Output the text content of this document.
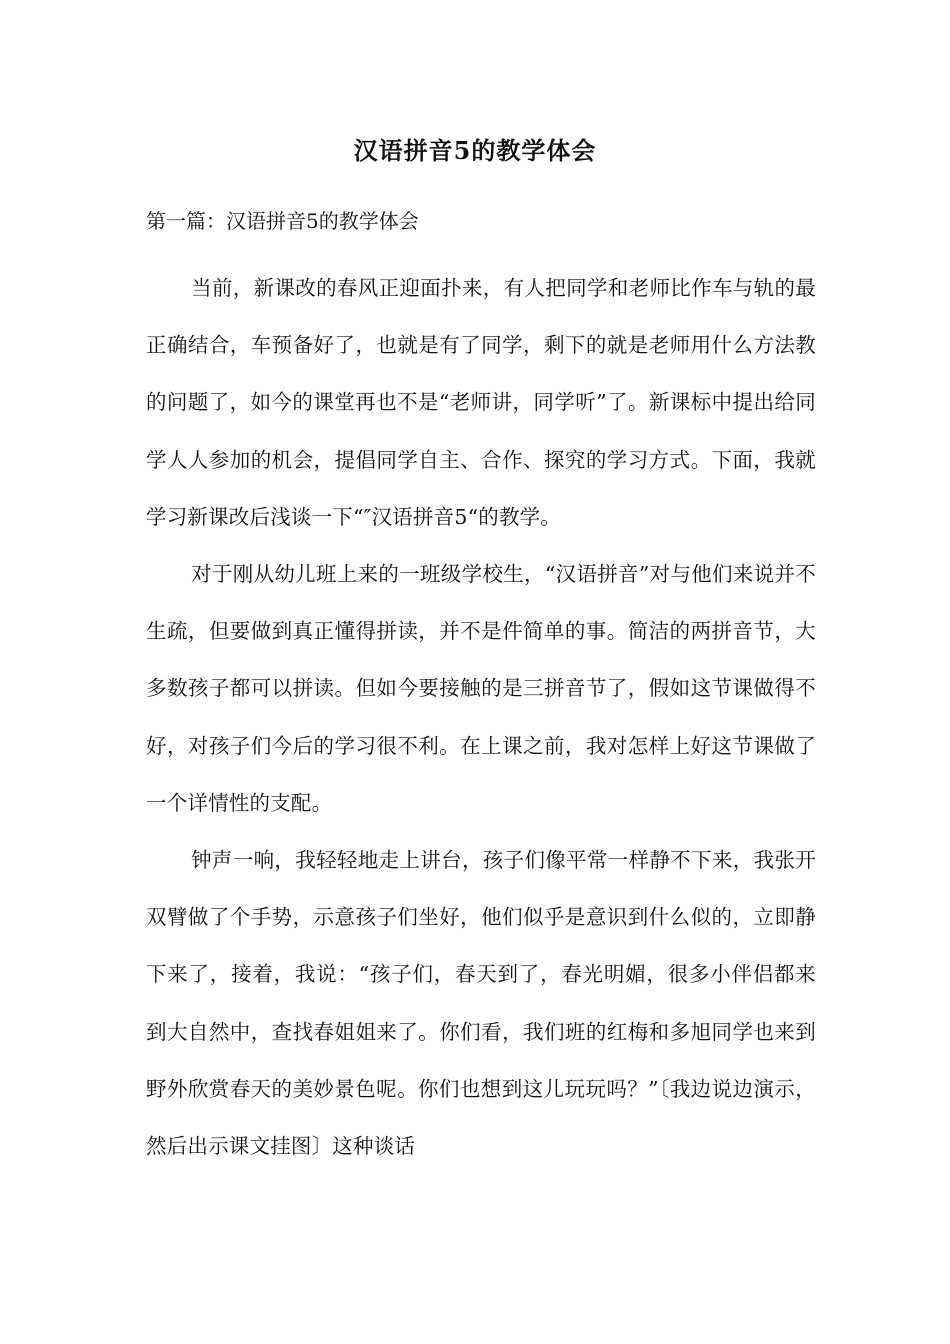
汉语拼音5的教学体会
第一篇：汉语拼音5的教学体会

当前，新课改的春风正迎面扑来，有人把同学和老师比作车与轨的最正确结合，车预备好了，也就是有了同学，剩下的就是老师用什么方法教的问题了，如今的课堂再也不是“老师讲，同学听”了。新课标中提出给同学人人参加的机会，提倡同学自主、合作、探究的学习方式。下面，我就学习新课改后浅谈一下“″汉语拼音5“的教学。

对于刚从幼儿班上来的一班级学校生，“汉语拼音”对与他们来说并不生疏，但要做到真正懂得拼读，并不是件简单的事。简洁的两拼音节，大多数孩子都可以拼读。但如今要接触的是三拼音节了，假如这节课做得不好，对孩子们今后的学习很不利。在上课之前，我对怎样上好这节课做了一个详情性的支配。

钟声一响，我轻轻地走上讲台，孩子们像平常一样静不下来，我张开双臂做了个手势，示意孩子们坐好，他们似乎是意识到什么似的，立即静下来了，接着，我说：“孩子们，春天到了，春光明媚，很多小伴侣都来到大自然中，查找春姐姐来了。你们看，我们班的红梅和多旭同学也来到野外欣赏春天的美妙景色呢。你们也想到这儿玩玩吗？”〔我边说边演示，然后出示课文挂图〕这种谈话
